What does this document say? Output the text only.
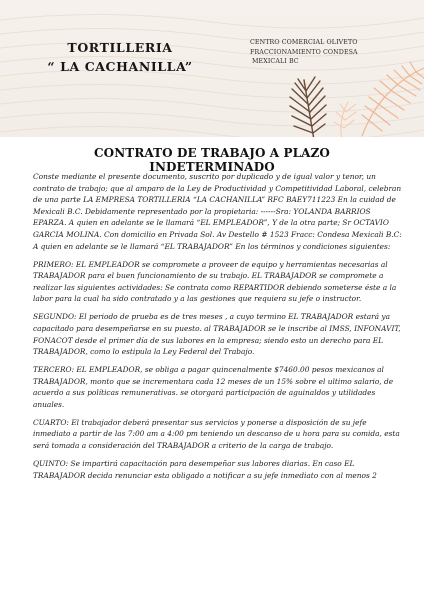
TORTILLERIA
“ LA CACHANILLA”
CENTRO COMERCIAL OLIVETO
FRACCIONAMIENTO CONDESA
MEXICALI BC
CONTRATO DE TRABAJO A PLAZO INDETERMINADO

Conste mediante el presente documento, suscrito por duplicado y de igual valor y tenor, un contrato de trabajo; que al amparo de la Ley de Productividad y Competitividad Laboral, celebran de una parte LA EMPRESA TORTILLERIA “LA CACHANILLA” RFC BAEY711223 En la cuidad de Mexicali B.C. Debidamente representado por la propietaria: ------Sra: YOLANDA BARRIOS EPARZA. A quien en adelante se le llamará “EL EMPLEADOR”, Y de la otra parte; Sr OCTAVIO GARCIA MOLINA. Con domicilio en Privada Sol. Av Destello # 1523 Fracc: Condesa Mexicali B.C: A quien en adelante se le llamará “EL TRABAJADOR” En los términos y condiciones siguientes:

PRIMERO: EL EMPLEADOR se compromete a proveer de equipo y herramientas necesarias al TRABAJADOR para el buen funcionamiento de su trabajo. EL TRABAJADOR se compromete a realizar las siguientes actividades: Se contrata como REPARTIDOR debiendo someterse éste a la labor para la cual ha sido contratado y a las gestiones que requiera su jefe o instructor.

SEGUNDO: El periodo de prueba es de tres meses , a cuyo termino EL TRABAJADOR estará ya capacitado para desempeñarse en su puesto. al TRABAJADOR se le inscribe al IMSS, INFONAVIT, FONACOT desde el primer día de sus labores en la empresa; siendo esto un derecho para EL TRABAJADOR, como lo estipula la Ley Federal del Trabajo.

TERCERO: EL EMPLEADOR, se obliga a pagar quincenalmente $7460.00 pesos mexicanos al TRABAJADOR, monto que se incrementara cada 12 meses de un 15% sobre el ultimo salario, de acuerdo a sus políticas remunerativas. se otorgará participación de aguinaldos y utilidades anuales.

CUARTO: El trabajador deberá presentar sus servicios y ponerse a disposición de su jefe inmediato a partir de las 7:00 am a 4:00 pm teniendo un descanso de u hora para su comida, esta será tomada a consideración del TRABAJADOR a criterio de la carga de trabajo.

QUINTO: Se impartirá capacitación para desempeñar sus labores diarias. En caso EL TRABAJADOR decida renunciar esta obligado a notificar a su jefe inmediato con al menos 2
